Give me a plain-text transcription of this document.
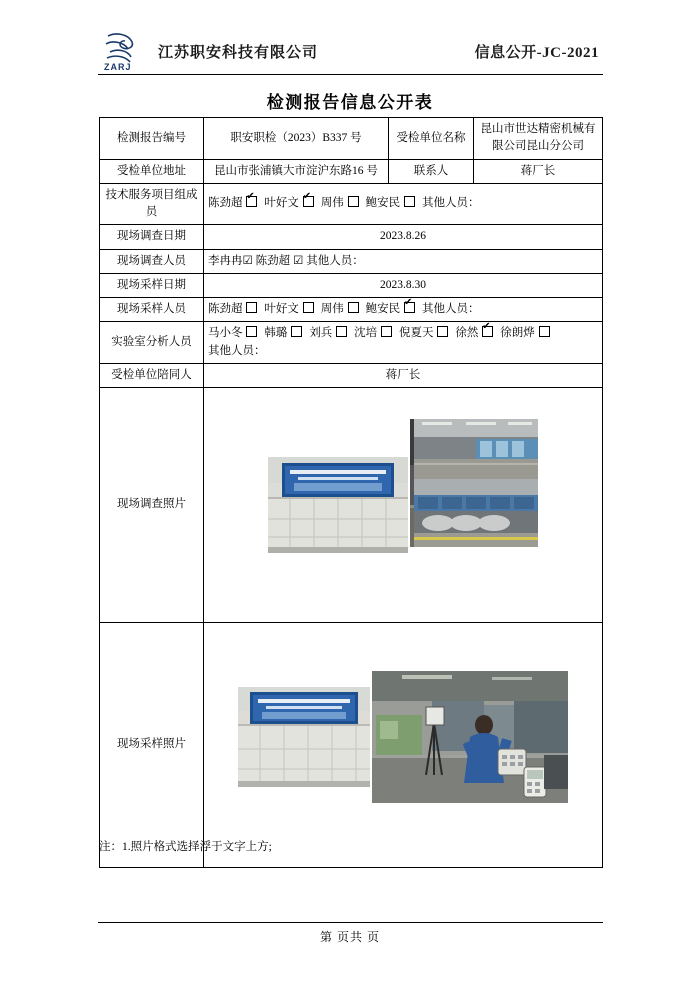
ZARJ
江苏职安科技有限公司	信息公开-JC-2021
检测报告信息公开表
检测报告编号	职安职检（2023）B337 号	受检单位名称	昆山市世达精密机械有限公司昆山分公司
受检单位地址	昆山市张浦镇大市淀沪东路16 号	联系人	蒋厂长
技术服务项目组成员	陈劲超 ✔叶好文 ✔周伟 鲍安民 其他人员：
现场调查日期	2023.8.26		
现场调查人员	李冉冉☑ 陈劲超 ☑ 其他人员：		
现场采样日期	2023.8.30		
现场采样人员	陈劲超 叶好文 周伟 鲍安民 ✔其他人员：
实验室分析人员	马小冬 韩璐 刘兵 沈培 倪夏天 徐然 ✔徐朗烨
其他人员：

受检单位陪同人	蒋厂长		
现场调查照片	

现场采样照片	
注：1.照片格式选择浮于文字上方;
第 页共 页
